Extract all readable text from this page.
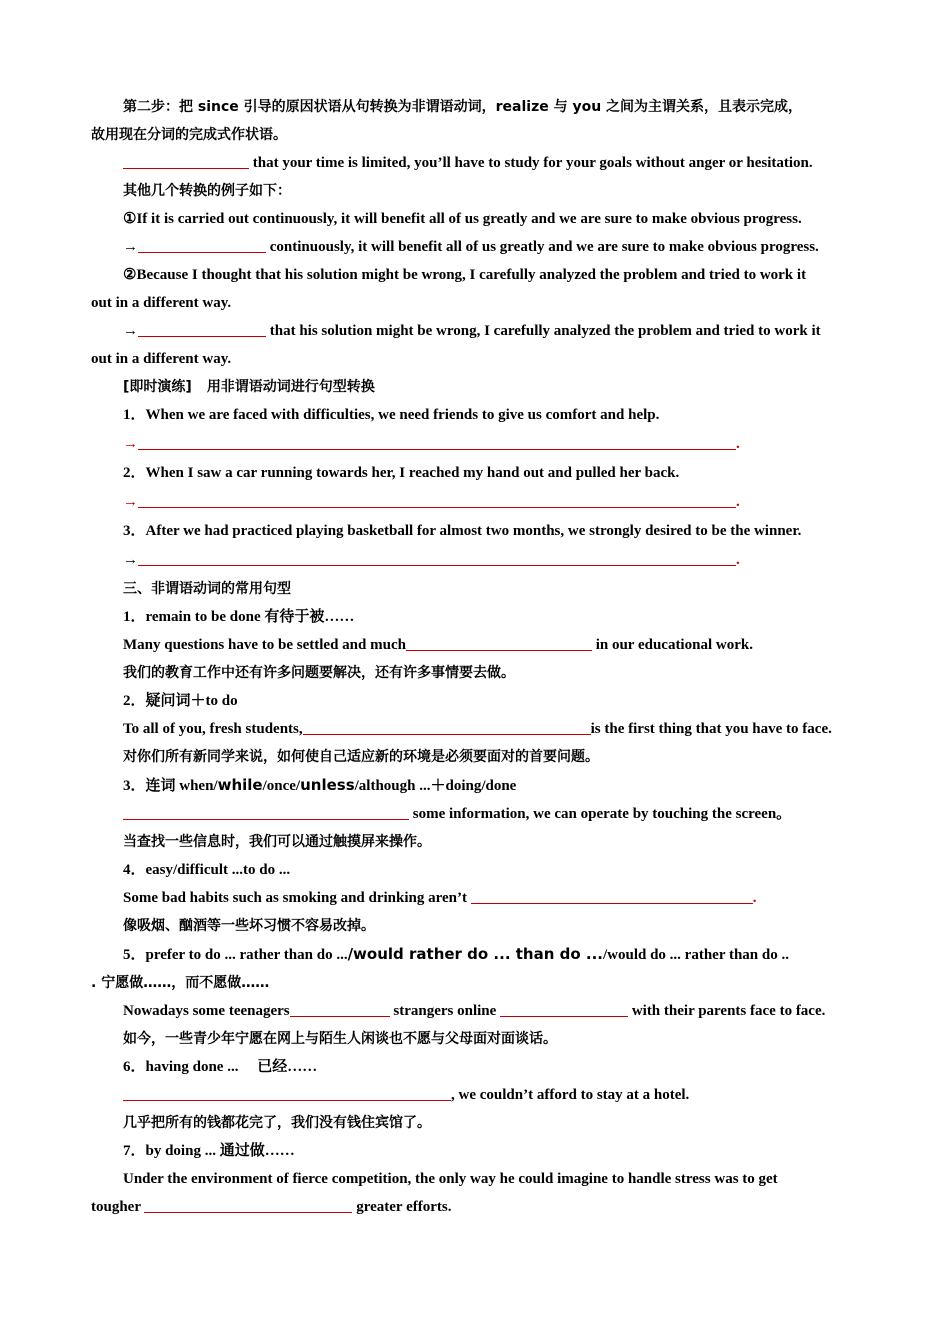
第二步：把 since 引导的原因状语从句转换为非谓语动词，realize 与 you 之间为主谓关系，且表示完成，

故用现在分词的完成式作状语。

that your time is limited, you’ll have to study for your goals without anger or hesitation.

其他几个转换的例子如下：

①If it is carried out continuously, it will benefit all of us greatly and we are sure to make obvious progress.

→	continuously, it will benefit all of us greatly and we are sure to make obvious progress.

②Because I thought that his solution might be wrong, I carefully analyzed the problem and tried to work it

out in a different way.

→	that his solution might be wrong, I carefully analyzed the problem and tried to work it

out in a different way.

[即时演练]　 用非谓语动词进行句型转换

1．When we are faced with difficulties, we need friends to give us comfort and help.

→	.

2．When I saw a car running towards her, I reached my hand out and pulled her back.

→	.

3．After we had practiced playing basketball for almost two months, we strongly desired to be the winner.

→	.

三、非谓语动词的常用句型

1．remain to be done 有待于被……

Many questions have to be settled and much	in our educational work.

我们的教育工作中还有许多问题要解决，还有许多事情要去做。

2．疑问词＋to do

To all of you, fresh students,	is the first thing that you have to face.

对你们所有新同学来说，如何使自己适应新的环境是必须要面对的首要问题。

3．连词 when/while/once/unless/although ...＋doing/done

some information, we can operate by touching the screen。

当查找一些信息时，我们可以通过触摸屏来操作。

4．easy/difficult ...to do ...

Some bad habits such as smoking and drinking aren’t	.

像吸烟、酗酒等一些坏习惯不容易改掉。

5．prefer to do ... rather than do .../would rather do ... than do .../would do ... rather than do ..

. 宁愿做……，而不愿做……

Nowadays some teenagers	strangers online	with their parents face to face.

如今，一些青少年宁愿在网上与陌生人闲谈也不愿与父母面对面谈话。

6．having done ...　 已经……

, we couldn’t afford to stay at a hotel.

几乎把所有的钱都花完了，我们没有钱住宾馆了。

7．by doing ... 通过做……

Under the environment of fierce competition, the only way he could imagine to handle stress was to get

tougher	greater efforts.
